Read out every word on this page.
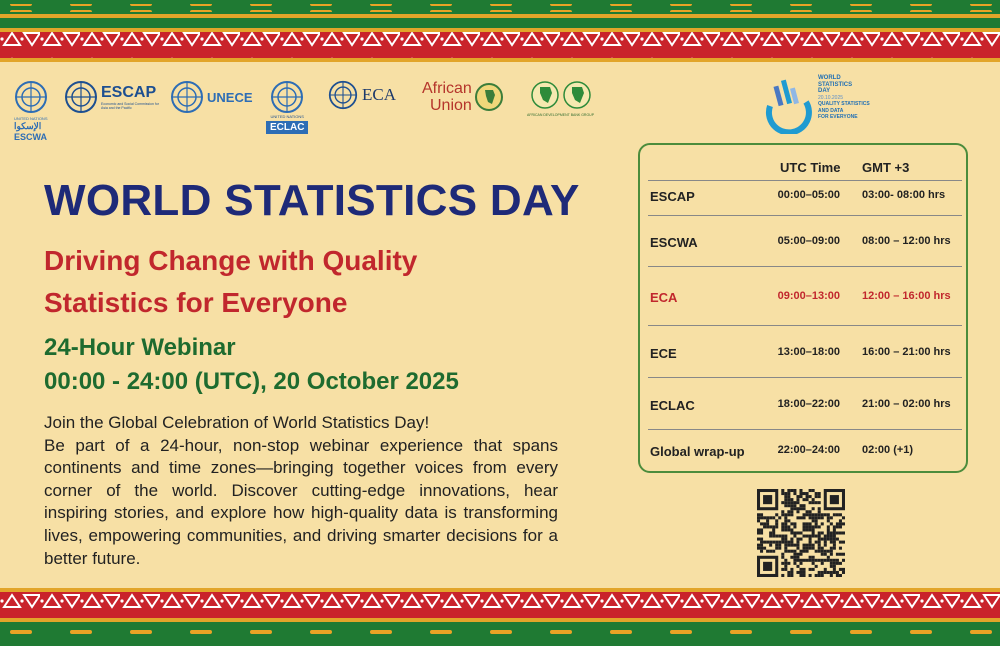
UNITED NATIONS
الإسكوا
ESCWA
ESCAP
Economic and Social Commission for Asia and the Pacific
UNECE
UNITED NATIONS
ECLAC
ECA African
Union
AFRICAN DEVELOPMENT BANK GROUP
WORLD
STATISTICS
DAY
20.10.2025
QUALITY STATISTICS
AND DATA
FOR EVERYONE
WORLD STATISTICS DAY
Driving Change with Quality
Statistics for Everyone
24-Hour Webinar
00:00 - 24:00 (UTC), 20 October 2025

Join the Global Celebration of World Statistics Day!

Be part of a 24-hour, non-stop webinar experience that spans continents and time zones—bringing together voices from every corner of the world. Discover cutting-edge innovations, hear inspiring stories, and explore how high-quality data is transforming lives, empowering communities, and driving smarter decisions for a better future.

UTC Time GMT +3
ESCAP	00:00–05:00 03:00- 08:00 hrs
ESCWA	05:00–09:00 08:00 – 12:00 hrs
ECA	09:00–13:00 12:00 – 16:00 hrs
ECE	13:00–18:00 16:00 – 21:00 hrs
ECLAC	18:00–22:00 21:00 – 02:00 hrs
Global wrap-up	22:00–24:00 02:00 (+1)
